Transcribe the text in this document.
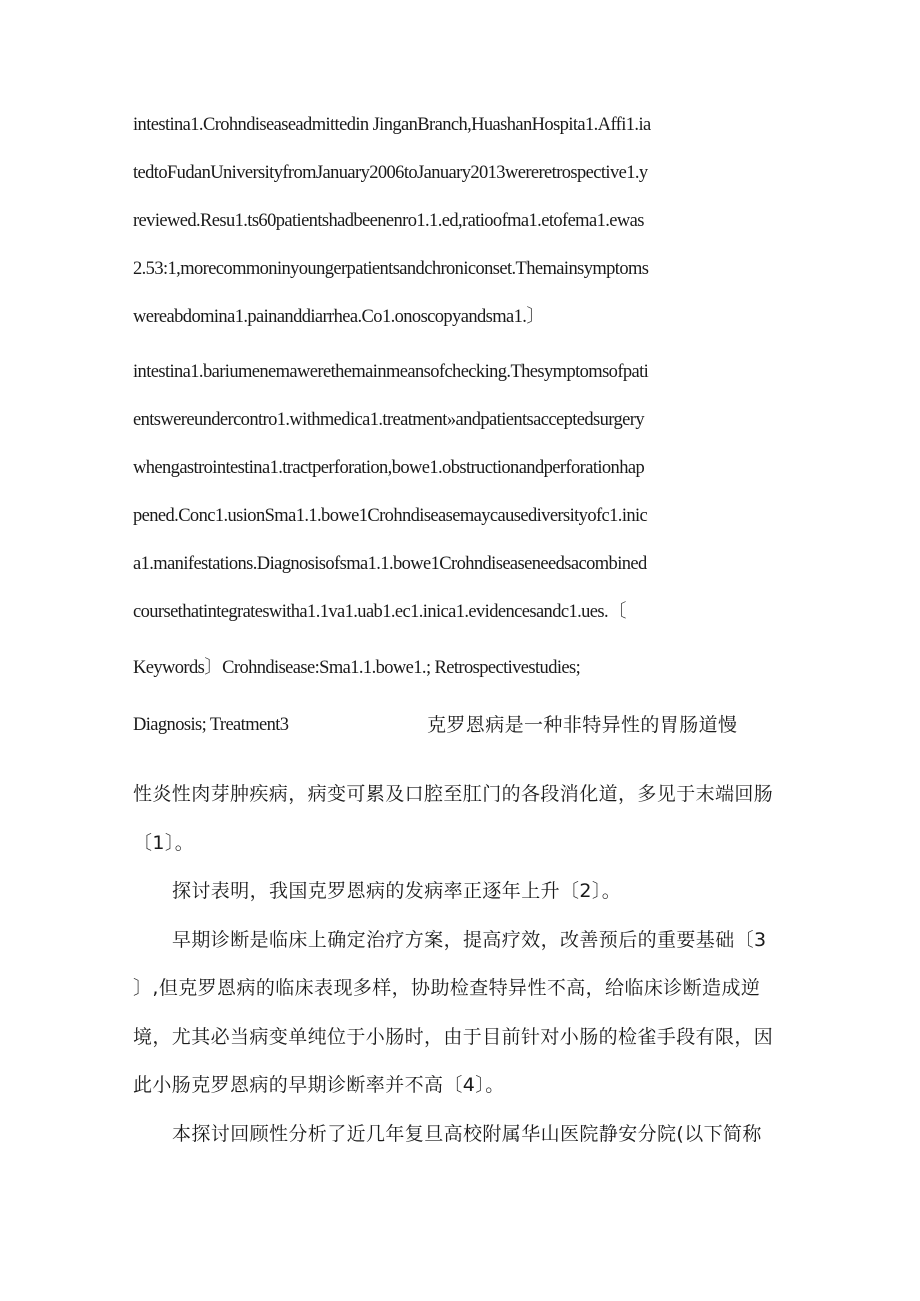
intestina1.Crohndiseaseadmittedin JinganBranch,HuashanHospita1.Affi1.ia
tedtoFudanUniversityfromJanuary2006toJanuary2013wereretrospective1.y
reviewed.Resu1.ts60patientshadbeenenro1.1.ed,ratioofma1.etofema1.ewas
2.53:1,morecommoninyoungerpatientsandchroniconset.Themainsymptoms
wereabdomina1.painanddiarrhea.Co1.onoscopyandsma1.〕
intestina1.bariumenemawerethemainmeansofchecking.Thesymptomsofpati
entswereundercontro1.withmedica1.treatment»andpatientsacceptedsurgery
whengastrointestina1.tractperforation,bowe1.obstructionandperforationhap
pened.Conc1.usionSma1.1.bowe1Crohndiseasemaycausediversityofc1.inic
a1.manifestations.Diagnosisofsma1.1.bowe1Crohndiseaseneedsacombined
coursethatintegrateswitha1.1va1.uab1.ec1.inica1.evidencesandc1.ues.〔
Keywords〕Crohndisease:Sma1.1.bowe1.; Retrospectivestudies;
Diagnosis; Treatment3	克罗恩病是一种非特异性的胃肠道慢
性炎性肉芽肿疾病，病变可累及口腔至肛门的各段消化道，多见于末端回肠
〔1〕。
探讨表明，我国克罗恩病的发病率正逐年上升〔2〕。
早期诊断是临床上确定治疗方案，提高疗效，改善预后的重要基础〔3
〕,但克罗恩病的临床表现多样，协助检查特异性不高，给临床诊断造成逆
境，尤其必当病变单纯位于小肠时，由于目前针对小肠的检雀手段有限，因
此小肠克罗恩病的早期诊断率并不高〔4〕。
本探讨回顾性分析了近几年复旦高校附属华山医院静安分院(以下简称
